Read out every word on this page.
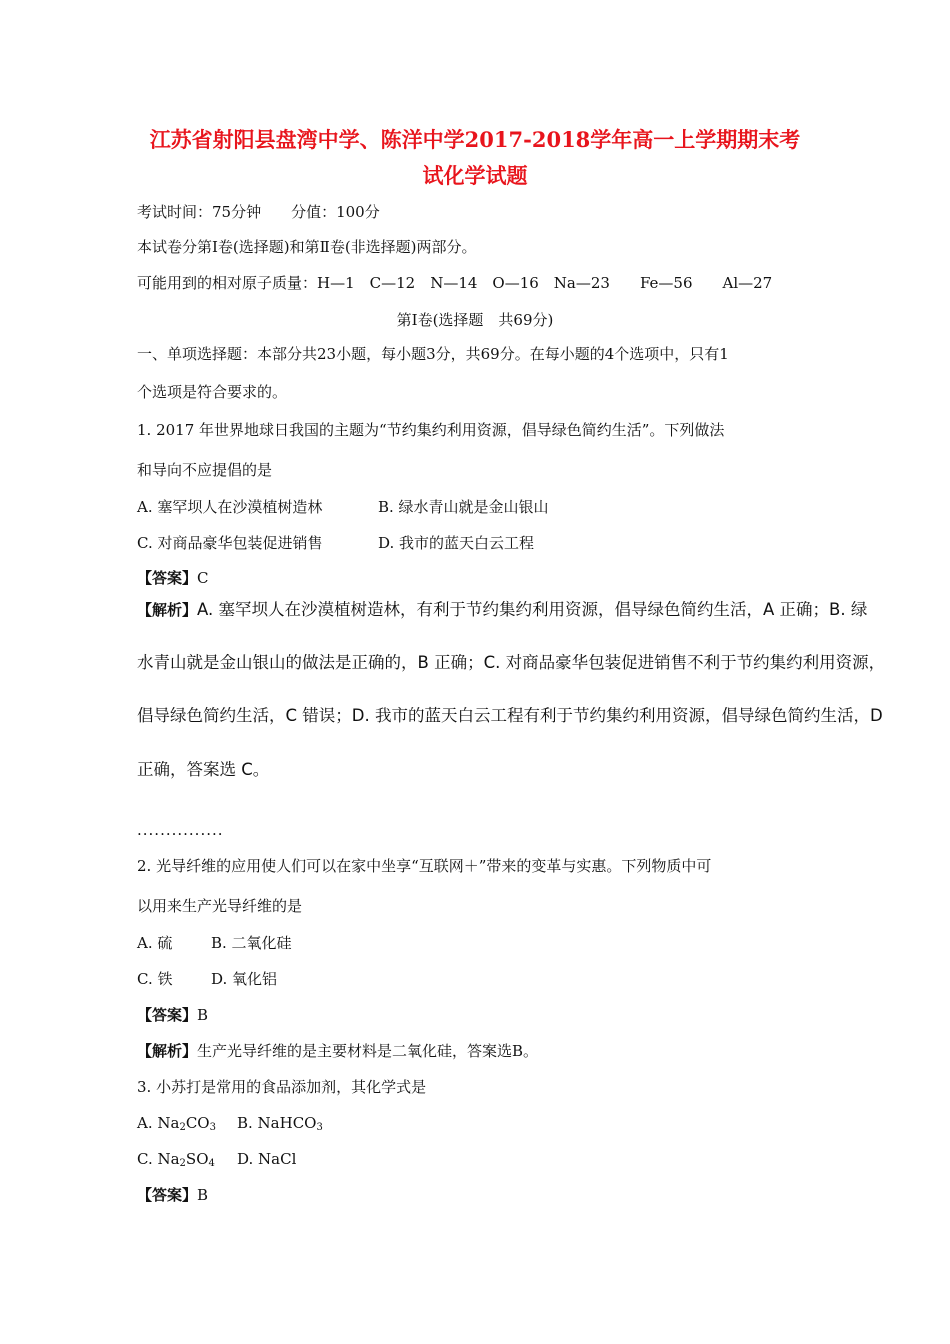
江苏省射阳县盘湾中学、陈洋中学2017-2018学年高一上学期期末考
试化学试题
考试时间：75分钟　　分值：100分
本试卷分第Ⅰ卷(选择题)和第Ⅱ卷(非选择题)两部分。
可能用到的相对原子质量：H—1　C—12　N—14　O—16　Na—23　　Fe—56　　Al—27
第Ⅰ卷(选择题　共69分)
一、单项选择题：本部分共23小题，每小题3分，共69分。在每小题的4个选项中，只有1
个选项是符合要求的。
1. 2017 年世界地球日我国的主题为“节约集约利用资源，倡导绿色简约生活”。下列做法
和导向不应提倡的是
A. 塞罕坝人在沙漠植树造林	B. 绿水青山就是金山银山
C. 对商品豪华包装促进销售	D. 我市的蓝天白云工程
【答案】C
【解析】A. 塞罕坝人在沙漠植树造林，有利于节约集约利用资源，倡导绿色简约生活，A 正确；B. 绿
水青山就是金山银山的做法是正确的，B 正确；C. 对商品豪华包装促进销售不利于节约集约利用资源，
倡导绿色简约生活，C 错误；D. 我市的蓝天白云工程有利于节约集约利用资源，倡导绿色简约生活，D
正确，答案选 C。
...............
2. 光导纤维的应用使人们可以在家中坐享“互联网＋”带来的变革与实惠。下列物质中可
以用来生产光导纤维的是
A. 硫	B. 二氧化硅
C. 铁	D. 氧化铝
【答案】B
【解析】生产光导纤维的是主要材料是二氧化硅，答案选B。
3. 小苏打是常用的食品添加剂，其化学式是
A. $Na_2CO_3$ B. NaHCO$_3$
C. $Na_2SO_4$ D. NaCl
【答案】B
